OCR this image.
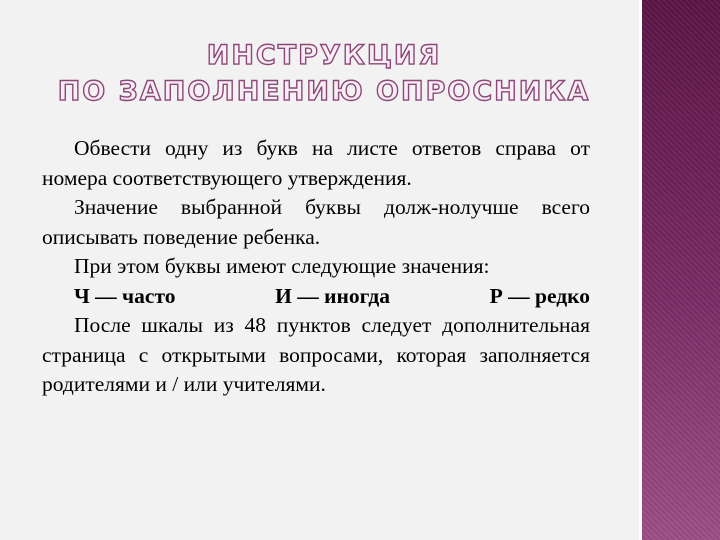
ИНСТРУКЦИЯ
ПО ЗАПОЛНЕНИЮ ОПРОСНИКА

Обвести одну из букв на листе ответов справа от номера соответствующего утверждения.

Значение выбранной буквы долж-нолучше всего описывать поведение ребенка.

При этом буквы имеют следующие значения:

Ч — часто	И — иногда	Р — редко

После шкалы из 48 пунктов следует дополнительная страница с открытыми вопросами, которая заполняется родителями и / или учителями.
